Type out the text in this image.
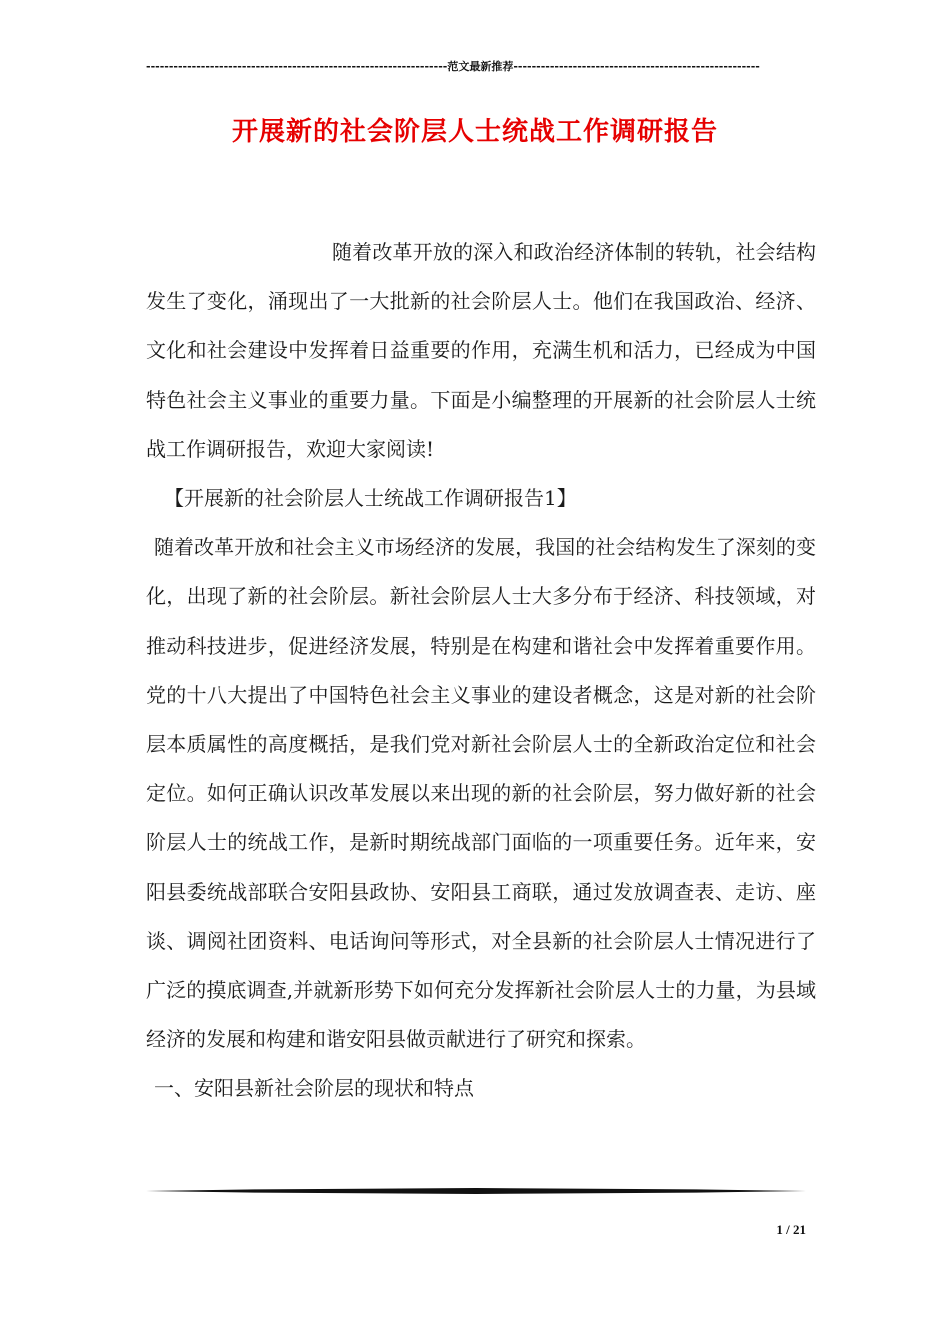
------------------------------------------------------------------范文最新推荐------------------------------------------------------
开展新的社会阶层人士统战工作调研报告

随着改革开放的深入和政治经济体制的转轨，社会结构发生了变化，涌现出了一大批新的社会阶层人士。他们在我国政治、经济、文化和社会建设中发挥着日益重要的作用，充满生机和活力，已经成为中国特色社会主义事业的重要力量。下面是小编整理的开展新的社会阶层人士统战工作调研报告，欢迎大家阅读!

【开展新的社会阶层人士统战工作调研报告1】

随着改革开放和社会主义市场经济的发展，我国的社会结构发生了深刻的变化，出现了新的社会阶层。新社会阶层人士大多分布于经济、科技领域，对推动科技进步，促进经济发展，特别是在构建和谐社会中发挥着重要作用。党的十八大提出了中国特色社会主义事业的建设者概念，这是对新的社会阶层本质属性的高度概括，是我们党对新社会阶层人士的全新政治定位和社会定位。如何正确认识改革发展以来出现的新的社会阶层，努力做好新的社会阶层人士的统战工作，是新时期统战部门面临的一项重要任务。近年来，安阳县委统战部联合安阳县政协、安阳县工商联，通过发放调查表、走访、座谈、调阅社团资料、电话询问等形式，对全县新的社会阶层人士情况进行了广泛的摸底调查,并就新形势下如何充分发挥新社会阶层人士的力量，为县域经济的发展和构建和谐安阳县做贡献进行了研究和探索。

一、安阳县新社会阶层的现状和特点

1 / 21
